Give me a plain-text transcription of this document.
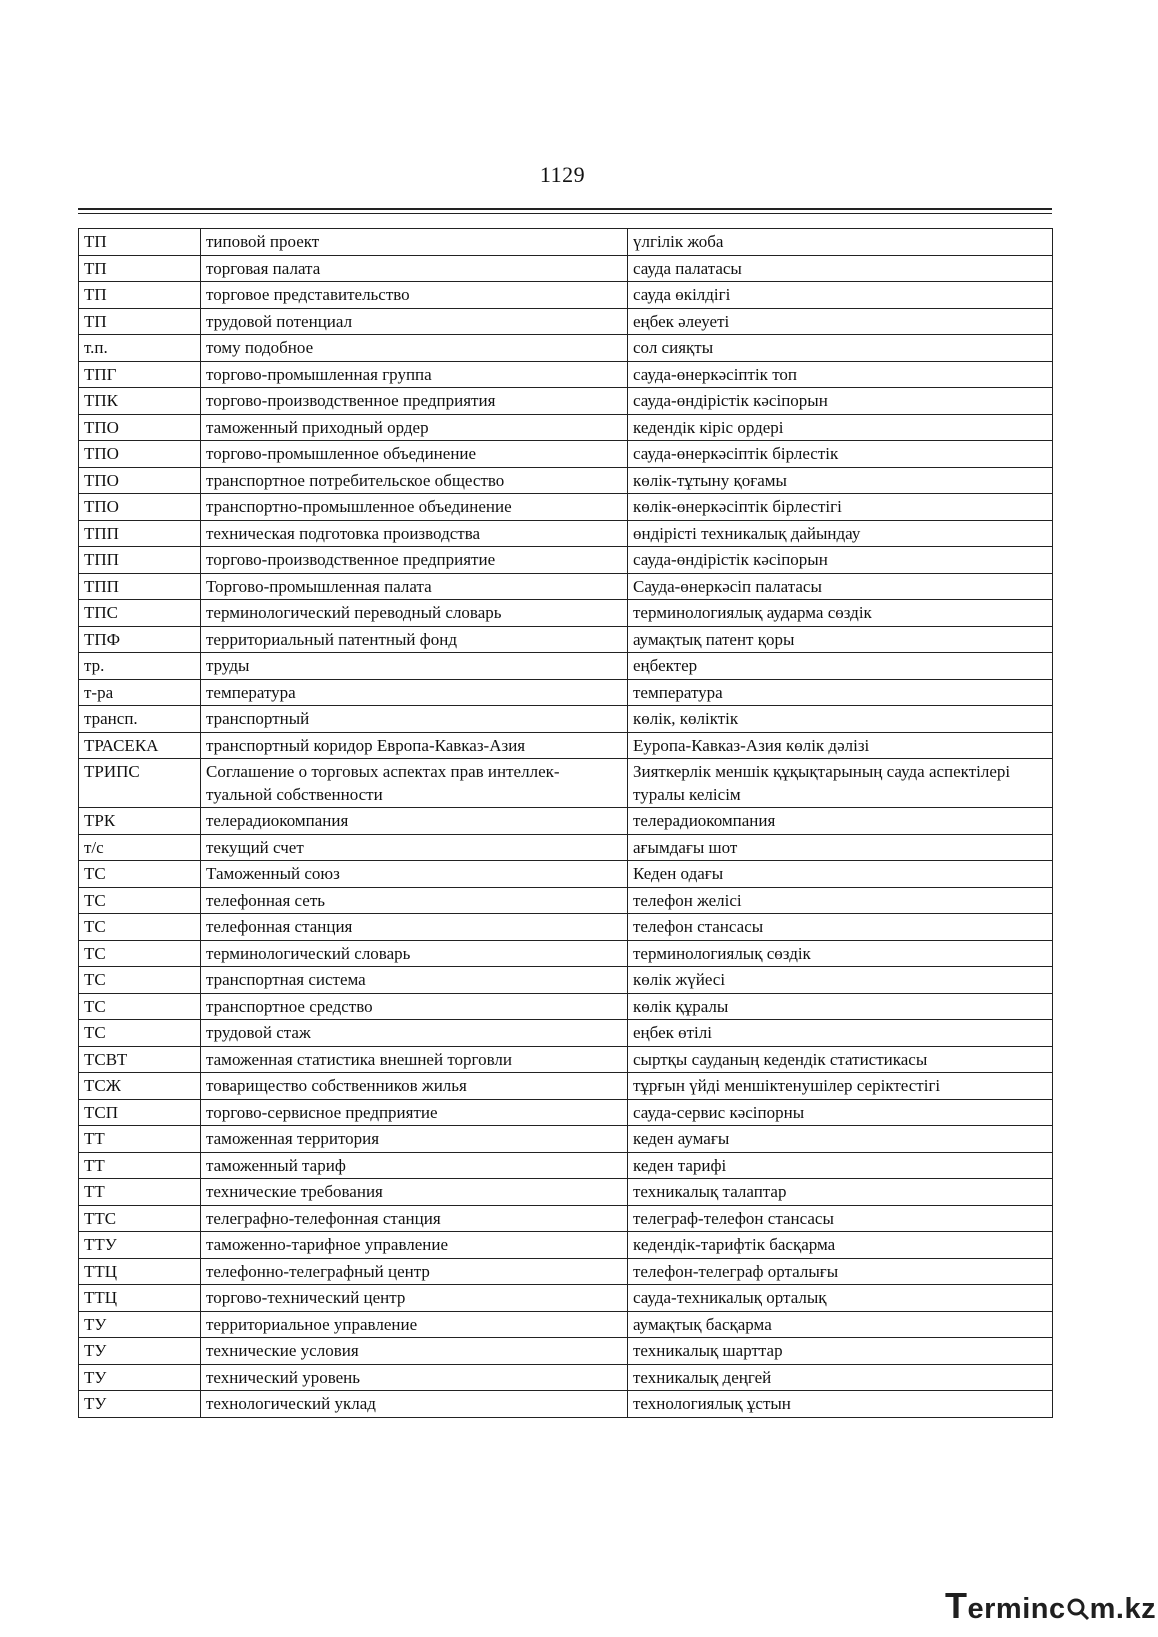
1129
ТП	типовой проект	үлгілік жоба
ТП	торговая палата	сауда палатасы
ТП	торговое представительство	сауда өкілдігі
ТП	трудовой потенциал	еңбек әлеуеті
т.п.	тому подобное	сол сияқты
ТПГ	торгово-промышленная группа	сауда-өнеркәсіптік топ
ТПК	торгово-производственное предприятия	сауда-өндірістік кәсіпорын
ТПО	таможенный приходный ордер	кедендік кіріс ордері
ТПО	торгово-промышленное объединение	сауда-өнеркәсіптік бірлестік
ТПО	транспортное потребительское общество	көлік-тұтыну қоғамы
ТПО	транспортно-промышленное объединение	көлік-өнеркәсіптік бірлестігі
ТПП	техническая подготовка производства	өндірісті техникалық дайындау
ТПП	торгово-производственное предприятие	сауда-өндірістік кәсіпорын
ТПП	Торгово-промышленная палата	Сауда-өнеркәсіп палатасы
ТПС	терминологический переводный словарь	терминологиялық аударма сөздік
ТПФ	территориальный патентный фонд	аумақтық патент қоры
тр.	труды	еңбектер
т-ра	температура	температура
трансп.	транспортный	көлік, көліктік
ТРАСЕКА	транспортный коридор Европа-Кавказ-Азия	Еуропа-Кавказ-Азия көлік дәлізі
ТРИПС	Соглашение о торговых аспектах прав интеллек-туальной собственности	Зияткерлік меншік құқықтарының сауда аспектілері туралы келісім
ТРК	телерадиокомпания	телерадиокомпания
т/с	текущий счет	ағымдағы шот
ТС	Таможенный союз	Кеден одағы
ТС	телефонная сеть	телефон желісі
ТС	телефонная станция	телефон стансасы
ТС	терминологический словарь	терминологиялық сөздік
ТС	транспортная система	көлік жүйесі
ТС	транспортное средство	көлік құралы
ТС	трудовой стаж	еңбек өтілі
ТСВТ	таможенная статистика внешней торговли	сыртқы сауданың кедендік статистикасы
ТСЖ	товарищество собственников жилья	тұрғын үйді меншіктенушілер серіктестігі
ТСП	торгово-сервисное предприятие	сауда-сервис кәсіпорны
ТТ	таможенная территория	кеден аумағы
ТТ	таможенный тариф	кеден тарифі
ТТ	технические требования	техникалық талаптар
ТТС	телеграфно-телефонная станция	телеграф-телефон стансасы
ТТУ	таможенно-тарифное управление	кедендік-тарифтік басқарма
ТТЦ	телефонно-телеграфный центр	телефон-телеграф орталығы
ТТЦ	торгово-технический центр	сауда-техникалық орталық
ТУ	территориальное управление	аумақтық басқарма
ТУ	технические условия	техникалық шарттар
ТУ	технический уровень	техникалық деңгей
ТУ	технологический уклад	технологиялық ұстын
Terminc m.kz
